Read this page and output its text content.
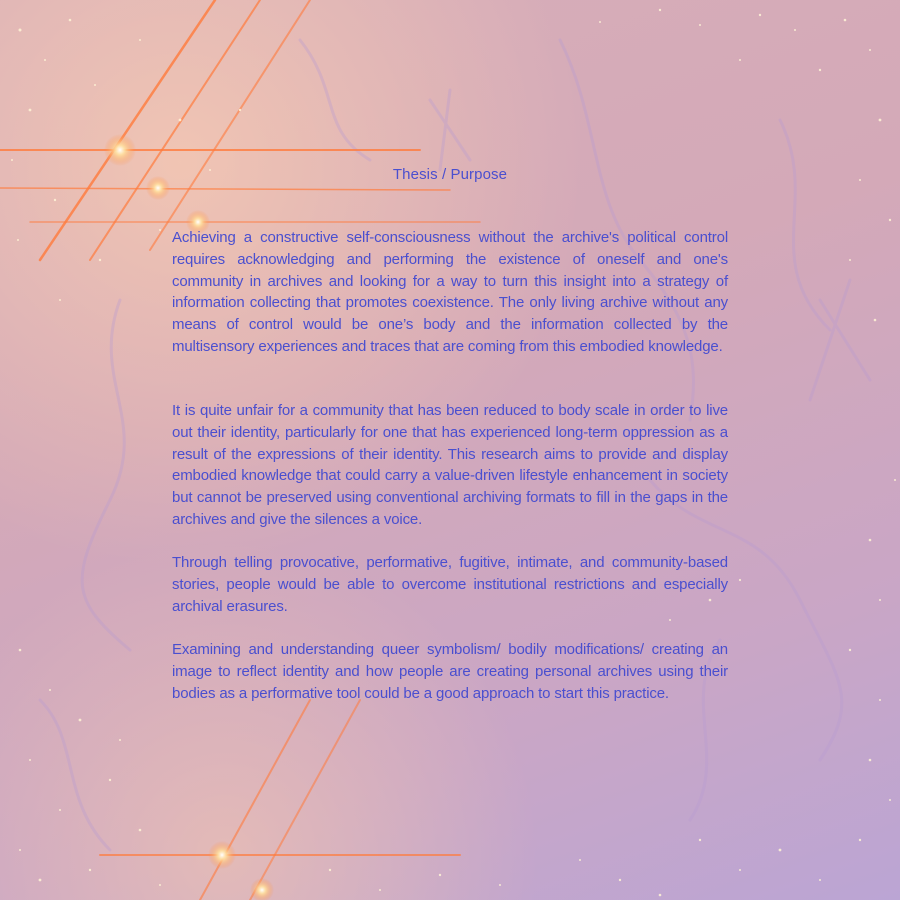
Thesis / Purpose

Achieving a constructive self-consciousness without the archive's political control requires acknowledging and performing the existence of oneself and one's community in archives and looking for a way to turn this insight into a strategy of information collecting that promotes coexistence. The only living archive without any means of control would be one’s body and the information collected by the multisensory experiences and traces that are coming from this embodied knowledge.

It is quite unfair for a community that has been reduced to body scale in order to live out their identity, particularly for one that has experienced long-term oppression as a result of the expressions of their identity. This research aims to provide and display embodied knowledge that could carry a value-driven lifestyle enhancement in society but cannot be preserved using conventional archiving formats to fill in the gaps in the archives and give the silences a voice.

Through telling provocative, performative, fugitive, intimate, and community-based stories, people would be able to overcome institutional restrictions and especially archival erasures.

Examining and understanding queer symbolism/ bodily modifications/ creating an image to reflect identity and how people are creating personal archives using their bodies as a performative tool could be a good approach to start this practice.
